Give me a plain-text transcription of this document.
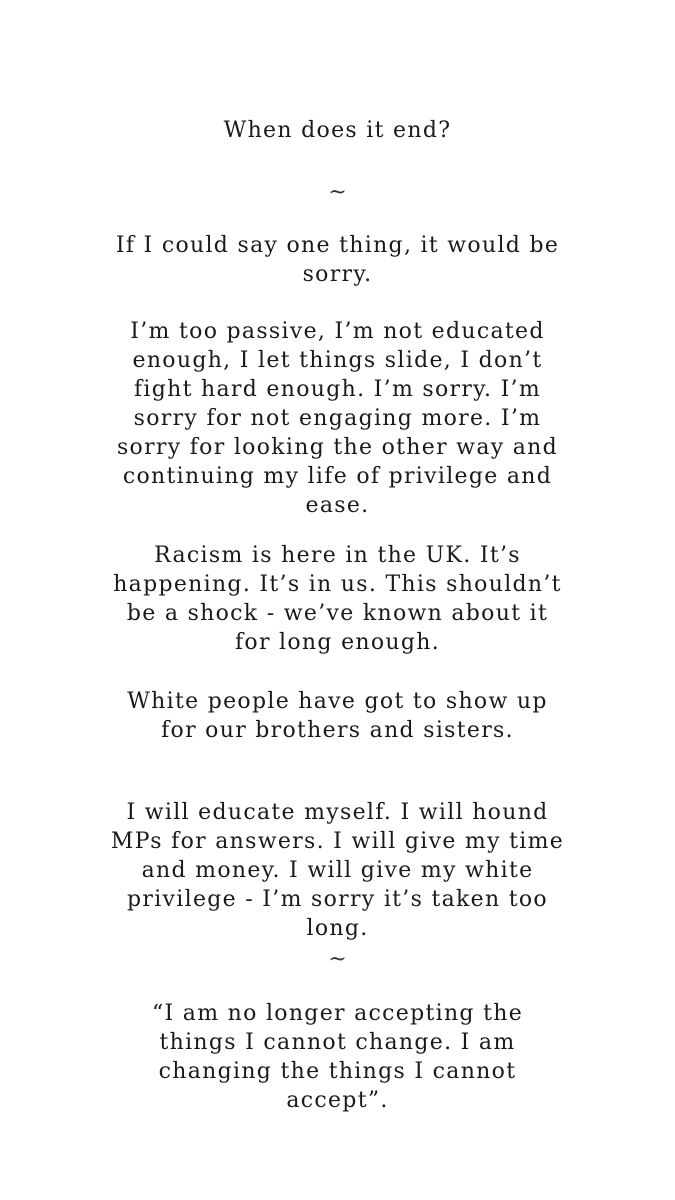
When does it end?

~

If I could say one thing, it would be sorry.

I’m too passive, I’m not educated enough, I let things slide, I don’t fight hard enough. I’m sorry. I’m sorry for not engaging more. I’m sorry for looking the other way and continuing my life of privilege and ease.

Racism is here in the UK. It’s happening. It’s in us. This shouldn’t be a shock - we’ve known about it for long enough.

White people have got to show up for our brothers and sisters.

I will educate myself. I will hound MPs for answers. I will give my time and money. I will give my white privilege - I’m sorry it’s taken too long.

~

“I am no longer accepting the things I cannot change. I am changing the things I cannot accept”.
